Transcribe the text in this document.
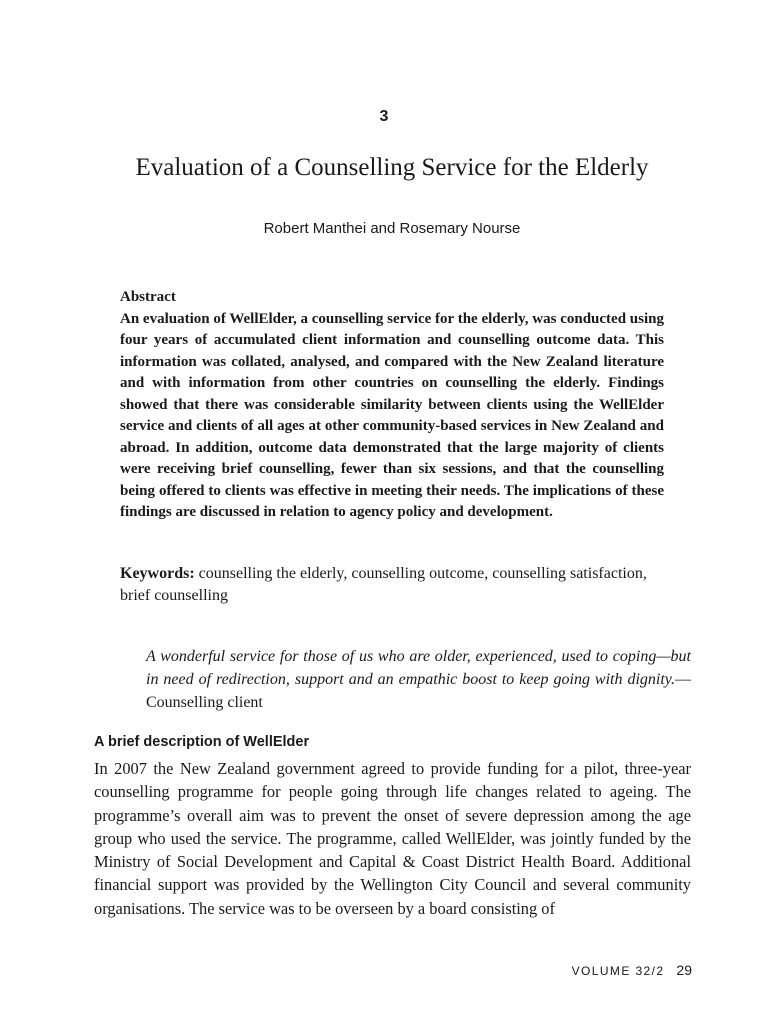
3
Evaluation of a Counselling Service for the Elderly
Robert Manthei and Rosemary Nourse
Abstract
An evaluation of WellElder, a counselling service for the elderly, was conducted using four years of accumulated client information and counselling outcome data. This information was collated, analysed, and compared with the New Zealand literature and with information from other countries on counselling the elderly. Findings showed that there was considerable similarity between clients using the WellElder service and clients of all ages at other community-based services in New Zealand and abroad. In addition, outcome data demonstrated that the large majority of clients were receiving brief counselling, fewer than six sessions, and that the counselling being offered to clients was effective in meeting their needs. The implications of these findings are discussed in relation to agency policy and development.
Keywords: counselling the elderly, counselling outcome, counselling satisfaction, brief counselling
A wonderful service for those of us who are older, experienced, used to coping—but in need of redirection, support and an empathic boost to keep going with dignity.—Counselling client
A brief description of WellElder
In 2007 the New Zealand government agreed to provide funding for a pilot, three-year counselling programme for people going through life changes related to ageing. The programme’s overall aim was to prevent the onset of severe depression among the age group who used the service. The programme, called WellElder, was jointly funded by the Ministry of Social Development and Capital & Coast District Health Board. Additional financial support was provided by the Wellington City Council and several community organisations. The service was to be overseen by a board consisting of
VOLUME 32/2 29
